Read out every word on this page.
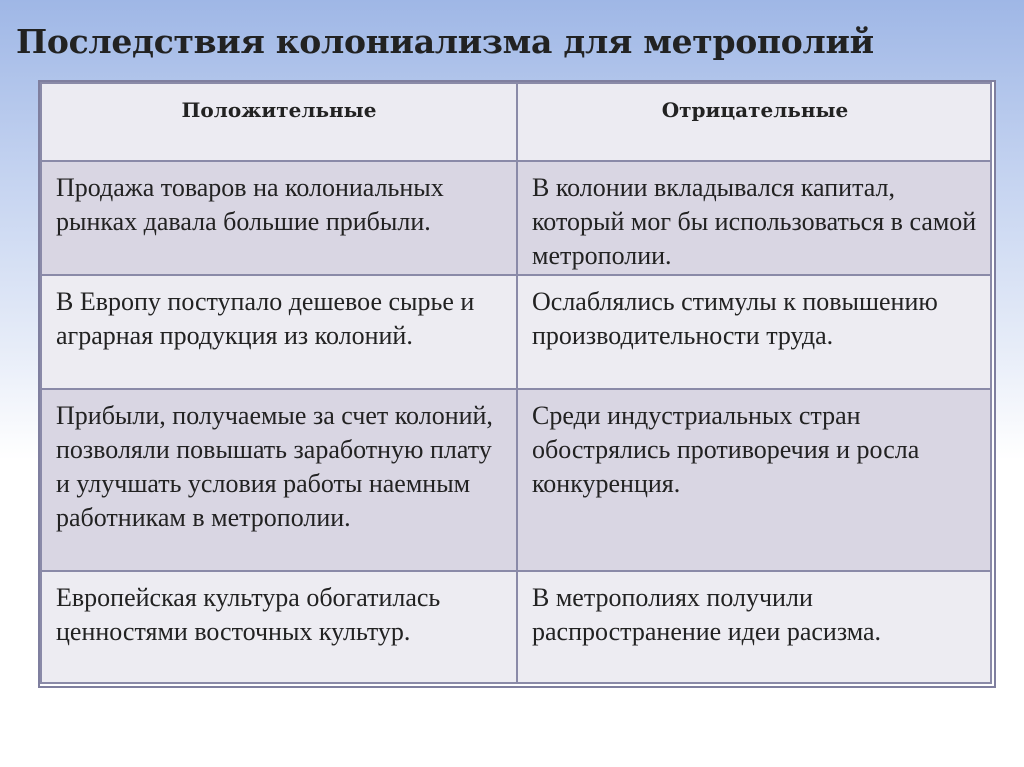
Последствия колониализма для метрополий
Положительные	Отрицательные
Продажа товаров на колониальных рынках давала большие прибыли.	В колонии вкладывался капитал, который мог бы использоваться в самой метрополии.
В Европу поступало дешевое сырье и аграрная продукция из колоний.	Ослаблялись стимулы к повышению производительности труда.
Прибыли, получаемые за счет колоний, позволяли повышать заработную плату и улучшать условия работы наемным работникам в метрополии.	Среди индустриальных стран обострялись противоречия и росла конкуренция.
Европейская культура обогатилась ценностями восточных культур.	В метрополиях получили распространение идеи расизма.
